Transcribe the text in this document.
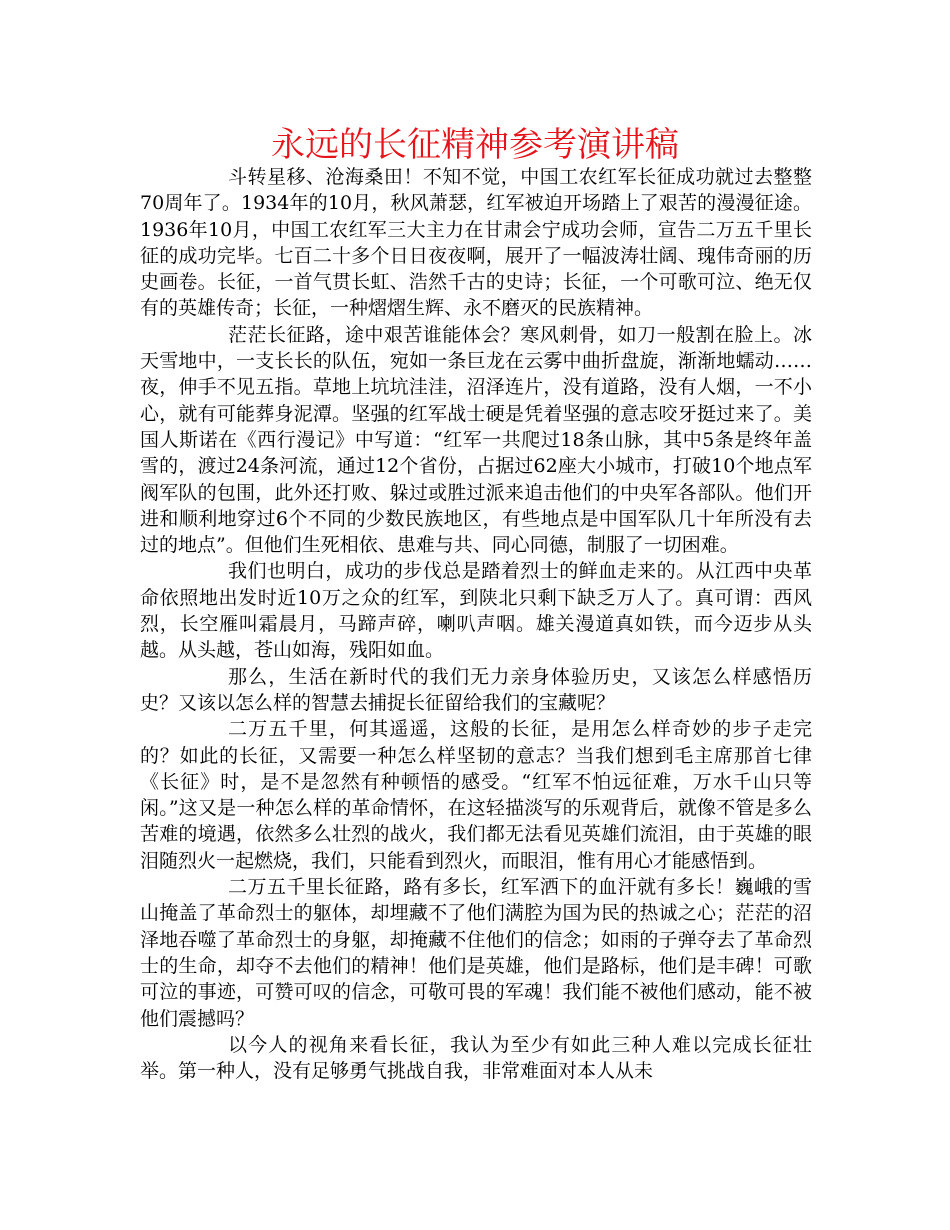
永远的长征精神参考演讲稿

斗转星移、沧海桑田！不知不觉，中国工农红军长征成功就过去整整70周年了。1934年的10月，秋风萧瑟，红军被迫开场踏上了艰苦的漫漫征途。1936年10月，中国工农红军三大主力在甘肃会宁成功会师，宣告二万五千里长征的成功完毕。七百二十多个日日夜夜啊，展开了一幅波涛壮阔、瑰伟奇丽的历史画卷。长征，一首气贯长虹、浩然千古的史诗；长征，一个可歌可泣、绝无仅有的英雄传奇；长征，一种熠熠生辉、永不磨灭的民族精神。

茫茫长征路，途中艰苦谁能体会？寒风刺骨，如刀一般割在脸上。冰天雪地中，一支长长的队伍，宛如一条巨龙在云雾中曲折盘旋，渐渐地蠕动……夜，伸手不见五指。草地上坑坑洼洼，沼泽连片，没有道路，没有人烟，一不小心，就有可能葬身泥潭。坚强的红军战士硬是凭着坚强的意志咬牙挺过来了。美国人斯诺在《西行漫记》中写道：“红军一共爬过18条山脉，其中5条是终年盖雪的，渡过24条河流，通过12个省份，占据过62座大小城市，打破10个地点军阀军队的包围，此外还打败、躲过或胜过派来追击他们的中央军各部队。他们开进和顺利地穿过6个不同的少数民族地区，有些地点是中国军队几十年所没有去过的地点”。但他们生死相依、患难与共、同心同德，制服了一切困难。

我们也明白，成功的步伐总是踏着烈士的鲜血走来的。从江西中央革命依照地出发时近10万之众的红军，到陕北只剩下缺乏万人了。真可谓：西风烈，长空雁叫霜晨月，马蹄声碎，喇叭声咽。雄关漫道真如铁，而今迈步从头越。从头越，苍山如海，残阳如血。

那么，生活在新时代的我们无力亲身体验历史，又该怎么样感悟历史？又该以怎么样的智慧去捕捉长征留给我们的宝藏呢？

二万五千里，何其遥遥，这般的长征，是用怎么样奇妙的步子走完的？如此的长征，又需要一种怎么样坚韧的意志？当我们想到毛主席那首七律《长征》时，是不是忽然有种顿悟的感受。“红军不怕远征难，万水千山只等闲。”这又是一种怎么样的革命情怀，在这轻描淡写的乐观背后，就像不管是多么苦难的境遇，依然多么壮烈的战火，我们都无法看见英雄们流泪，由于英雄的眼泪随烈火一起燃烧，我们，只能看到烈火，而眼泪，惟有用心才能感悟到。

二万五千里长征路，路有多长，红军洒下的血汗就有多长！巍峨的雪山掩盖了革命烈士的躯体，却埋藏不了他们满腔为国为民的热诚之心；茫茫的沼泽地吞噬了革命烈士的身躯，却掩藏不住他们的信念；如雨的子弹夺去了革命烈士的生命，却夺不去他们的精神！他们是英雄，他们是路标，他们是丰碑！可歌可泣的事迹，可赞可叹的信念，可敬可畏的军魂！我们能不被他们感动，能不被他们震撼吗？

以今人的视角来看长征，我认为至少有如此三种人难以完成长征壮举。第一种人，没有足够勇气挑战自我，非常难面对本人从未
